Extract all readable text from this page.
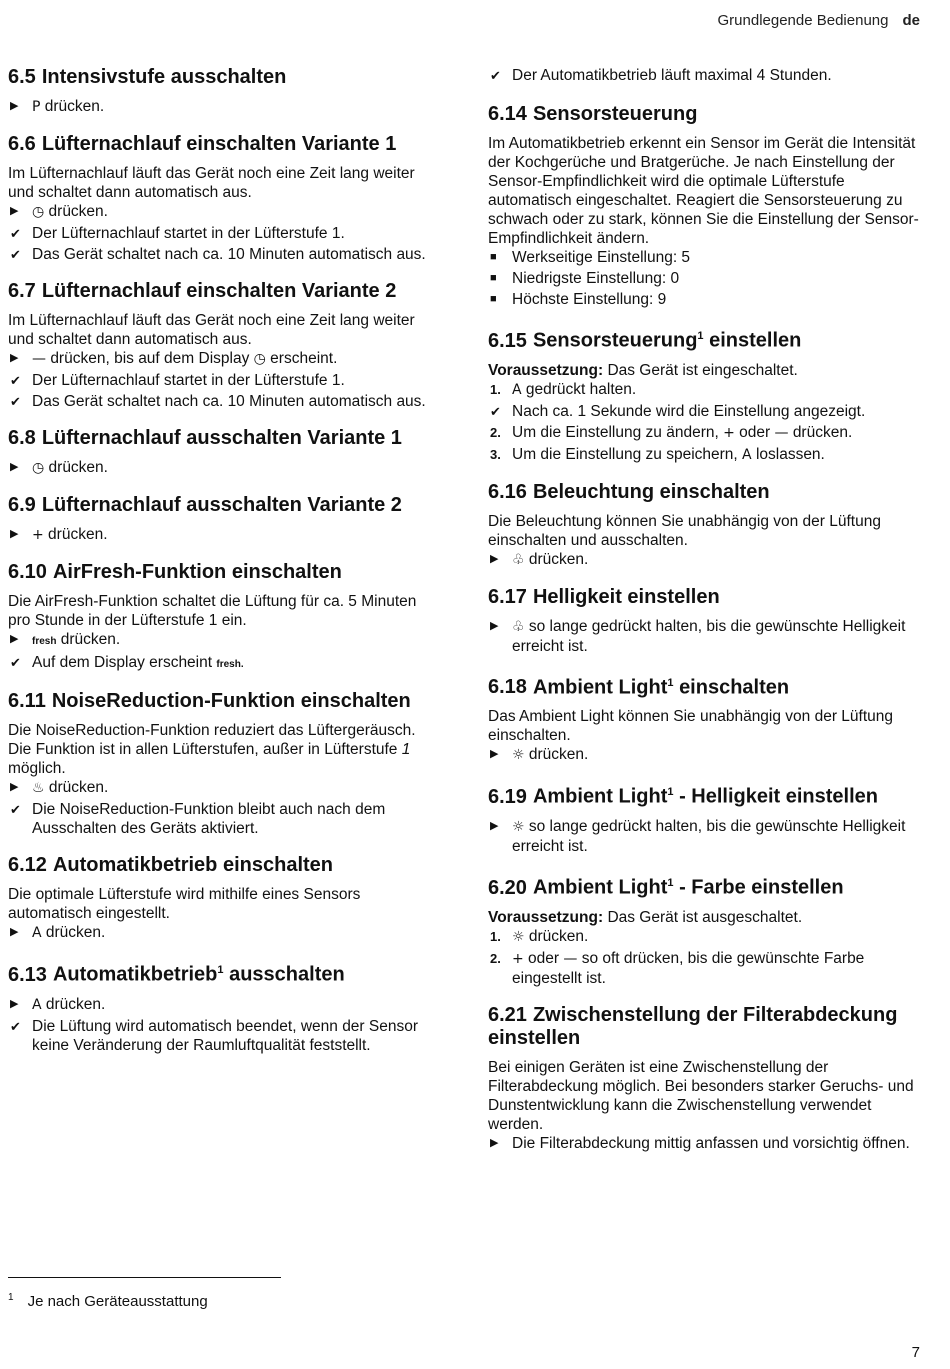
Grundlegende Bedienung de
6.5 Intensivstufe ausschalten
▶ P drücken.
6.6 Lüfternachlauf einschalten Variante 1

Im Lüfternachlauf läuft das Gerät noch eine Zeit lang weiter und schaltet dann automatisch aus.

▶ ◷ drücken.
✔ Der Lüfternachlauf startet in der Lüfterstufe 1.
✔ Das Gerät schaltet nach ca. 10 Minuten automatisch aus.
6.7 Lüfternachlauf einschalten Variante 2

Im Lüfternachlauf läuft das Gerät noch eine Zeit lang weiter und schaltet dann automatisch aus.

▶ — drücken, bis auf dem Display ◷ erscheint.
✔ Der Lüfternachlauf startet in der Lüfterstufe 1.
✔ Das Gerät schaltet nach ca. 10 Minuten automatisch aus.
6.8 Lüfternachlauf ausschalten Variante 1
▶ ◷ drücken.
6.9 Lüfternachlauf ausschalten Variante 2
▶ + drücken.
6.10 AirFresh-Funktion einschalten

Die AirFresh-Funktion schaltet die Lüftung für ca. 5 Minuten pro Stunde in der Lüfterstufe 1 ein.

▶ fresh drücken.
✔ Auf dem Display erscheint fresh.
6.11 NoiseReduction-Funktion einschalten

Die NoiseReduction-Funktion reduziert das Lüftergeräusch. Die Funktion ist in allen Lüfterstufen, außer in Lüfterstufe 1 möglich.

▶ ♨ drücken.
✔ Die NoiseReduction-Funktion bleibt auch nach dem Ausschalten des Geräts aktiviert.
6.12 Automatikbetrieb einschalten

Die optimale Lüfterstufe wird mithilfe eines Sensors automatisch eingestellt.

▶ A drücken.
6.13 Automatikbetrieb$^1$ ausschalten
▶ A drücken.
✔ Die Lüftung wird automatisch beendet, wenn der Sensor keine Veränderung der Raumluftqualität feststellt.
✔ Der Automatikbetrieb läuft maximal 4 Stunden.
6.14 Sensorsteuerung

Im Automatikbetrieb erkennt ein Sensor im Gerät die Intensität der Kochgerüche und Bratgerüche. Je nach Einstellung der Sensor-Empfindlichkeit wird die optimale Lüfterstufe automatisch eingeschaltet. Reagiert die Sensorsteuerung zu schwach oder zu stark, können Sie die Einstellung der Sensor-Empfindlichkeit ändern.

■ Werkseitige Einstellung: 5
■ Niedrigste Einstellung: 0
■ Höchste Einstellung: 9
6.15 Sensorsteuerung$^1$ einstellen

Voraussetzung: Das Gerät ist eingeschaltet.

1. A gedrückt halten.
✔ Nach ca. 1 Sekunde wird die Einstellung angezeigt.
2. Um die Einstellung zu ändern, + oder — drücken.
3. Um die Einstellung zu speichern, A loslassen.
6.16 Beleuchtung einschalten

Die Beleuchtung können Sie unabhängig von der Lüftung einschalten und ausschalten.

▶ ♧ drücken.
6.17 Helligkeit einstellen
▶ ♧ so lange gedrückt halten, bis die gewünschte Helligkeit erreicht ist.
6.18 Ambient Light$^1$ einschalten

Das Ambient Light können Sie unabhängig von der Lüftung einschalten.

▶ ☼ drücken.
6.19 Ambient Light$^1$ - Helligkeit einstellen
▶ ☼ so lange gedrückt halten, bis die gewünschte Helligkeit erreicht ist.
6.20 Ambient Light$^1$ - Farbe einstellen

Voraussetzung: Das Gerät ist ausgeschaltet.

1. ☼ drücken.
2. + oder — so oft drücken, bis die gewünschte Farbe eingestellt ist.
6.21 Zwischenstellung der Filterabdeckung einstellen

Bei einigen Geräten ist eine Zwischenstellung der Filterabdeckung möglich. Bei besonders starker Geruchs- und Dunstentwicklung kann die Zwischenstellung verwendet werden.

▶ Die Filterabdeckung mittig anfassen und vorsichtig öffnen.
$^1$ Je nach Geräteausstattung
7
